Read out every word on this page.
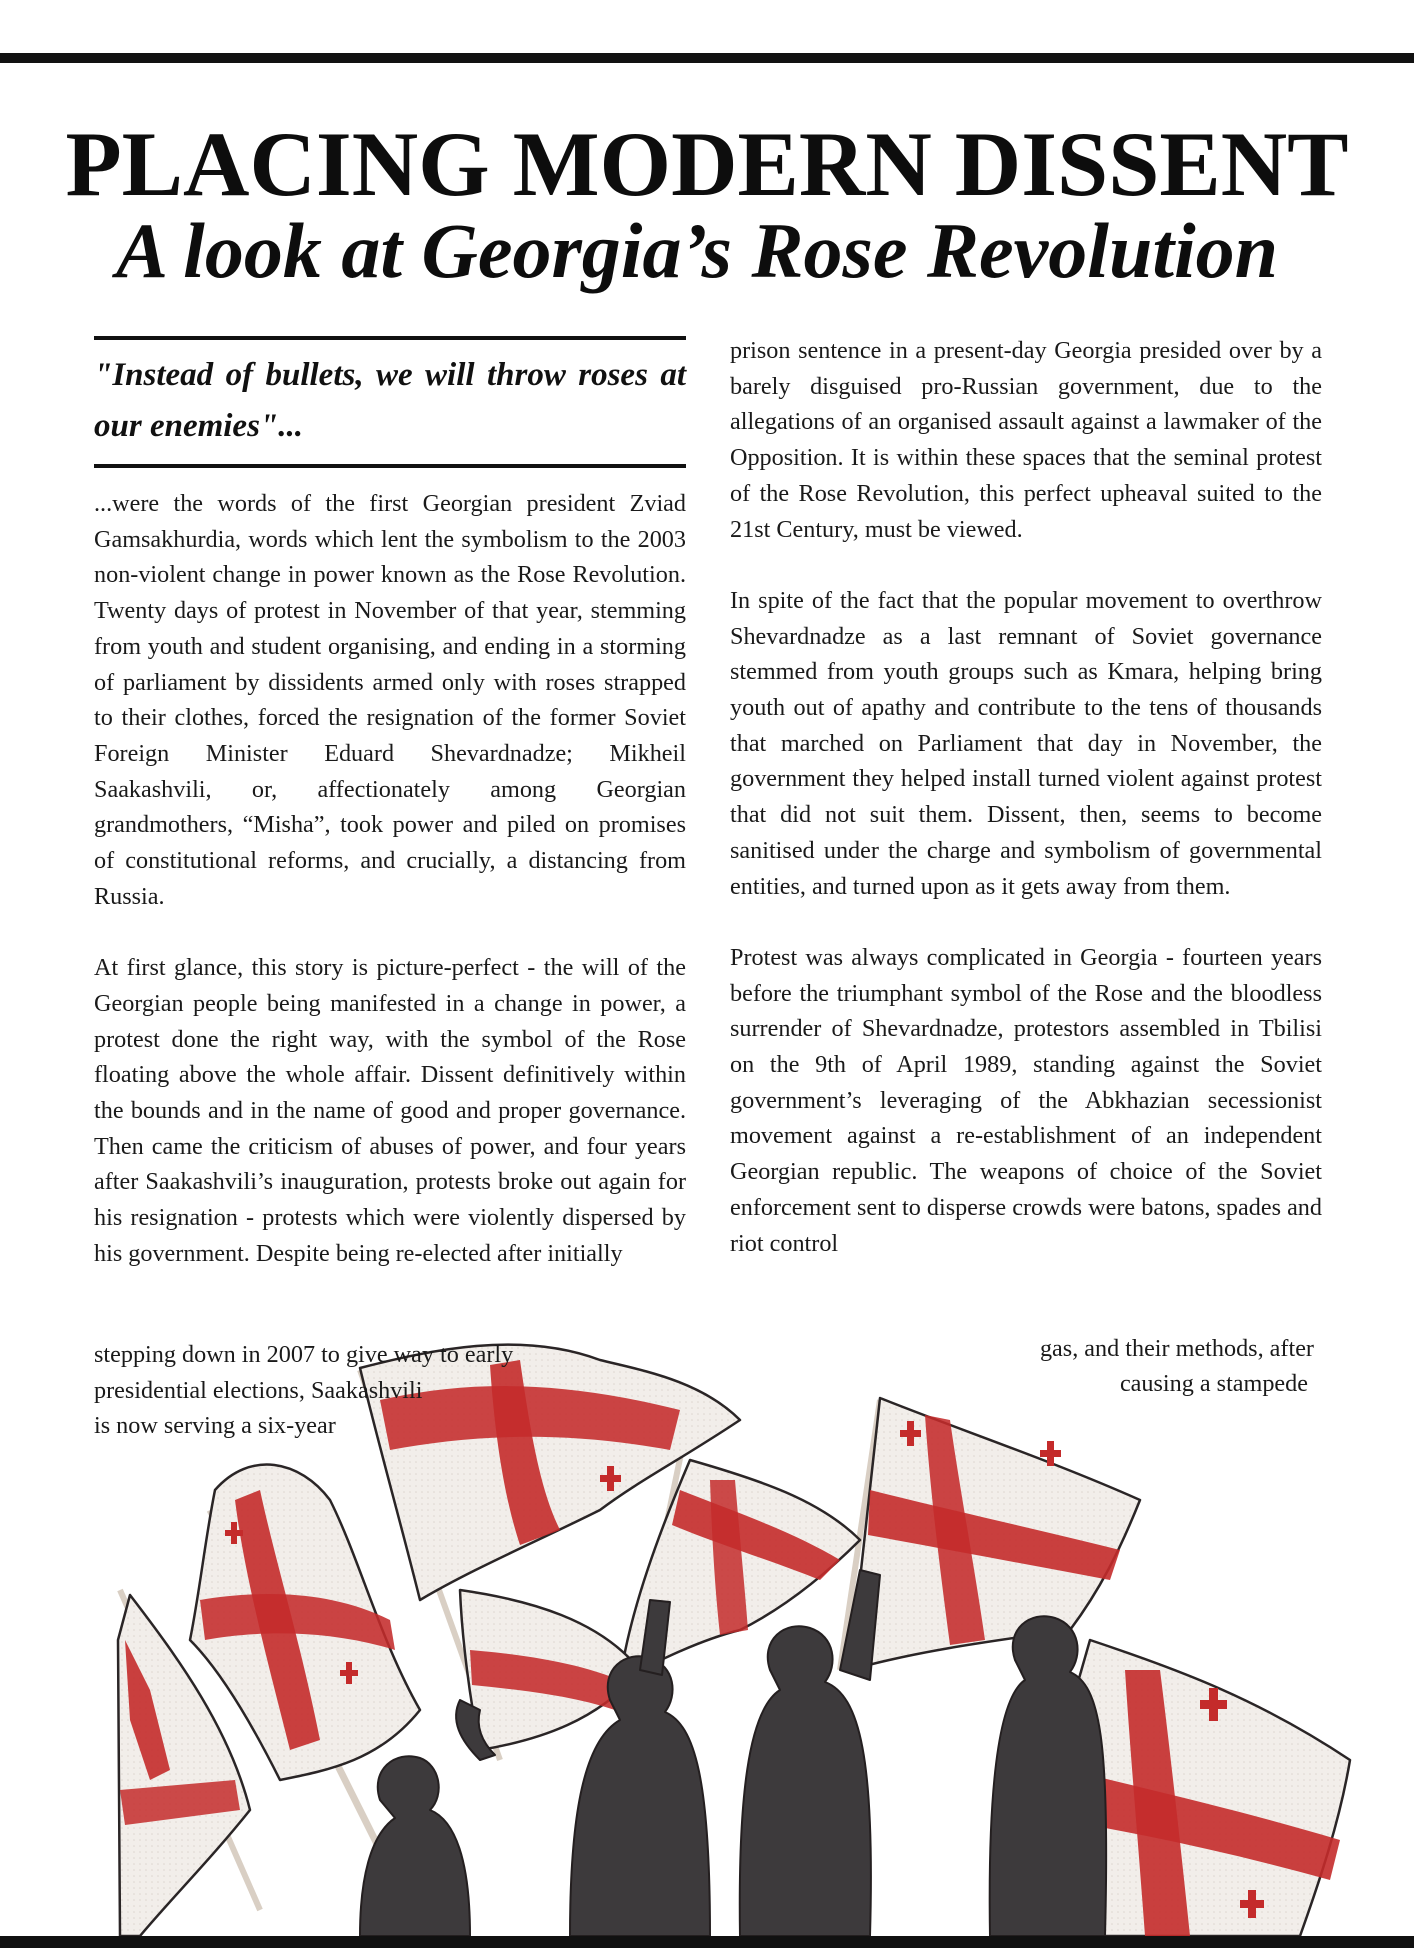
PLACING MODERN DISSENT
A look at Georgia’s Rose Revolution

"Instead of bullets, we will throw roses at our enemies"...

...were the words of the first Georgian president Zviad Gamsakhurdia, words which lent the symbolism to the 2003 non-violent change in power known as the Rose Revolution. Twenty days of protest in November of that year, stemming from youth and student organising, and ending in a storming of parliament by dissidents armed only with roses strapped to their clothes, forced the resignation of the former Soviet Foreign Minister Eduard Shevardnadze; Mikheil Saakashvili, or, affectionately among Georgian grandmothers, “Misha”, took power and piled on promises of constitutional reforms, and crucially, a distancing from Russia.

At first glance, this story is picture-perfect - the will of the Georgian people being manifested in a change in power, a protest done the right way, with the symbol of the Rose floating above the whole affair. Dissent definitively within the bounds and in the name of good and proper governance. Then came the criticism of abuses of power, and four years after Saakashvili’s inauguration, protests broke out again for his resignation - protests which were violently dispersed by his government. Despite being re-elected after initially

prison sentence in a present-day Georgia presided over by a barely disguised pro-Russian government, due to the allegations of an organised assault against a lawmaker of the Opposition. It is within these spaces that the seminal protest of the Rose Revolution, this perfect upheaval suited to the 21st Century, must be viewed.

In spite of the fact that the popular movement to overthrow Shevardnadze as a last remnant of Soviet governance stemmed from youth groups such as Kmara, helping bring youth out of apathy and contribute to the tens of thousands that marched on Parliament that day in November, the government they helped install turned violent against protest that did not suit them. Dissent, then, seems to become sanitised under the charge and symbolism of governmental entities, and turned upon as it gets away from them.

Protest was always complicated in Georgia - fourteen years before the triumphant symbol of the Rose and the bloodless surrender of Shevardnadze, protestors assembled in Tbilisi on the 9th of April 1989, standing against the Soviet government’s leveraging of the Abkhazian secessionist movement against a re-establishment of an independent Georgian republic. The weapons of choice of the Soviet enforcement sent to disperse crowds were batons, spades and riot control

stepping down in 2007 to give way to early
presidential elections, Saakashvili
is now serving a six-year
gas, and their methods, after
causing a stampede
